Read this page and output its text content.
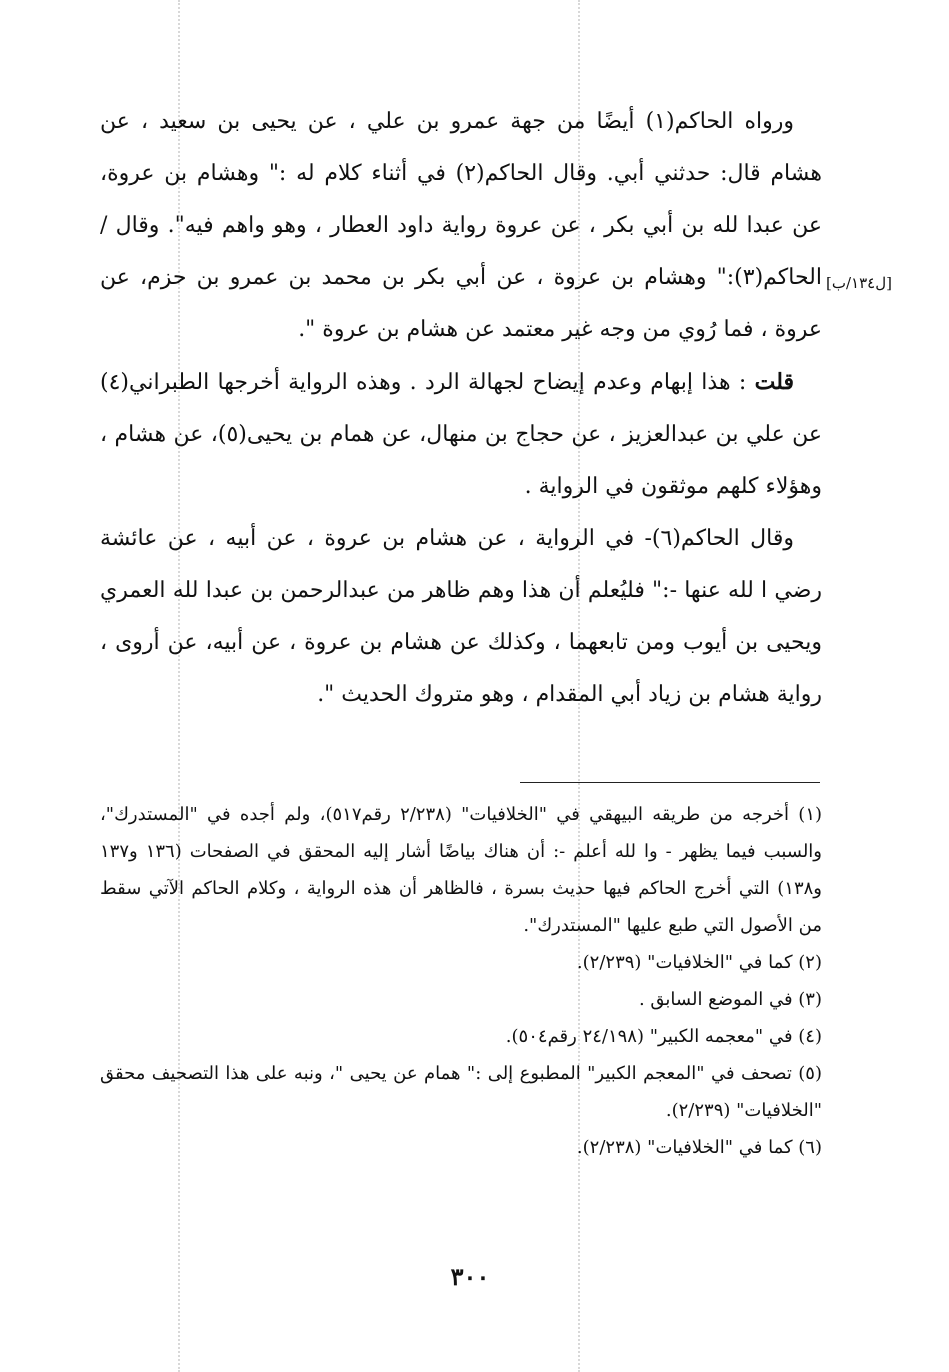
ورواه الحاكم(١) أيضًا من جهة عمرو بن علي ، عن يحيى بن سعيد ، عن هشام قال: حدثني أبي. وقال الحاكم(٢) في أثناء كلام له :" وهشام بن عروة، عن عبدا لله بن أبي بكر ، عن عروة رواية داود العطار ، وهو واهم فيه". وقال /الحاكم(٣):" وهشام بن عروة ، عن أبي بكر بن محمد بن عمرو بن حزم، عن عروة ، فما رُوي من وجه غير معتمد عن هشام بن عروة ".

قلت : هذا إبهام وعدم إيضاح لجهالة الرد . وهذه الرواية أخرجها الطبراني(٤) عن علي بن عبدالعزيز ، عن حجاج بن منهال، عن همام بن يحيى(٥)، عن هشام ، وهؤلاء كلهم موثقون في الرواية .

وقال الحاكم(٦)- في الرواية ، عن هشام بن عروة ، عن أبيه ، عن عائشة رضي ا لله عنها -:" فليُعلم أن هذا وهم ظاهر من عبدالرحمن بن عبدا لله العمري ويحيى بن أيوب ومن تابعهما ، وكذلك عن هشام بن عروة ، عن أبيه، عن أروى ، رواية هشام بن زياد أبي المقدام ، وهو متروك الحديث ".

[ل١٣٤/ب]

(١) أخرجه من طريقه البيهقي في "الخلافيات" (٢/٢٣٨ رقم٥١٧)، ولم أجده في "المستدرك"، والسبب فيما يظهر - وا لله أعلم -: أن هناك بياضًا أشار إليه المحقق في الصفحات (١٣٦ و١٣٧ و١٣٨) التي أخرج الحاكم فيها حديث بسرة ، فالظاهر أن هذه الرواية ، وكلام الحاكم الآتي سقط من الأصول التي طبع عليها "المستدرك".

(٢) كما في "الخلافيات" (٢/٢٣٩).

(٣) في الموضع السابق .

(٤) في "معجمه الكبير" (٢٤/١٩٨ رقم٥٠٤).

(٥) تصحف في "المعجم الكبير" المطبوع إلى :" همام عن يحيى "، ونبه على هذا التصحيف محقق "الخلافيات" (٢/٢٣٩).

(٦) كما في "الخلافيات" (٢/٢٣٨).

٣٠٠
